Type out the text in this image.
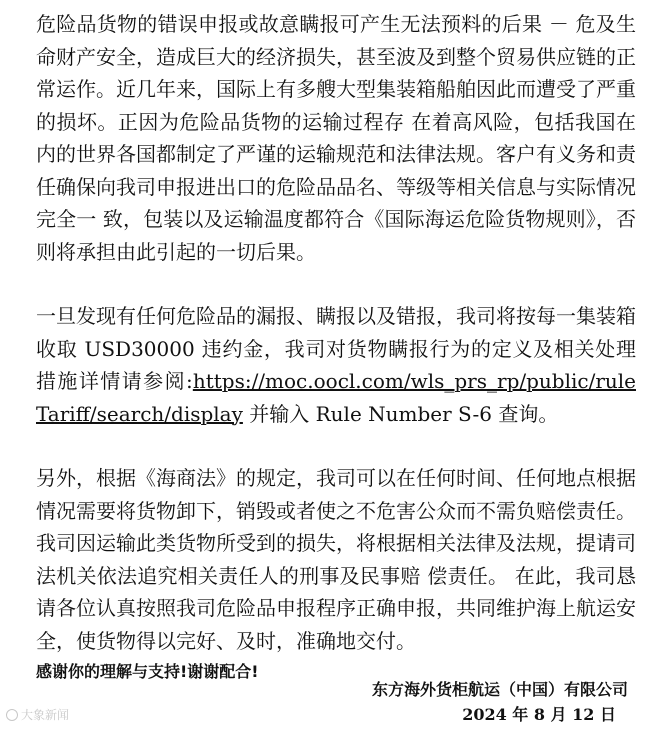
危险品货物的错误申报或故意瞒报可产生无法预料的后果 － 危及生命财产安全，造成巨大的经济损失，甚至波及到整个贸易供应链的正常运作。近几年来，国际上有多艘大型集装箱船舶因此而遭受了严重的损坏。正因为危险品货物的运输过程存 在着高风险，包括我国在内的世界各国都制定了严谨的运输规范和法律法规。客户有义务和责任确保向我司申报进出口的危险品品名、等级等相关信息与实际情况完全一 致，包装以及运输温度都符合《国际海运危险货物规则》，否则将承担由此引起的一切后果。

一旦发现有任何危险品的漏报、瞒报以及错报，我司将按每一集装箱收取 USD30000 违约金，我司对货物瞒报行为的定义及相关处理措施详情请参阅:https://moc.oocl.com/wls_prs_rp/public/ruleTariff/search/display 并输入 Rule Number S-6 查询。

另外，根据《海商法》的规定，我司可以在任何时间、任何地点根据情况需要将货物卸下，销毁或者使之不危害公众而不需负赔偿责任。我司因运输此类货物所受到的损失，将根据相关法律及法规，提请司法机关依法追究相关责任人的刑事及民事赔 偿责任。 在此，我司恳请各位认真按照我司危险品申报程序正确申报，共同维护海上航运安全，使货物得以完好、及时，准确地交付。

感谢你的理解与支持!谢谢配合!

东方海外货柜航运（中国）有限公司
2024 年 8 月 12 日
大象新闻
